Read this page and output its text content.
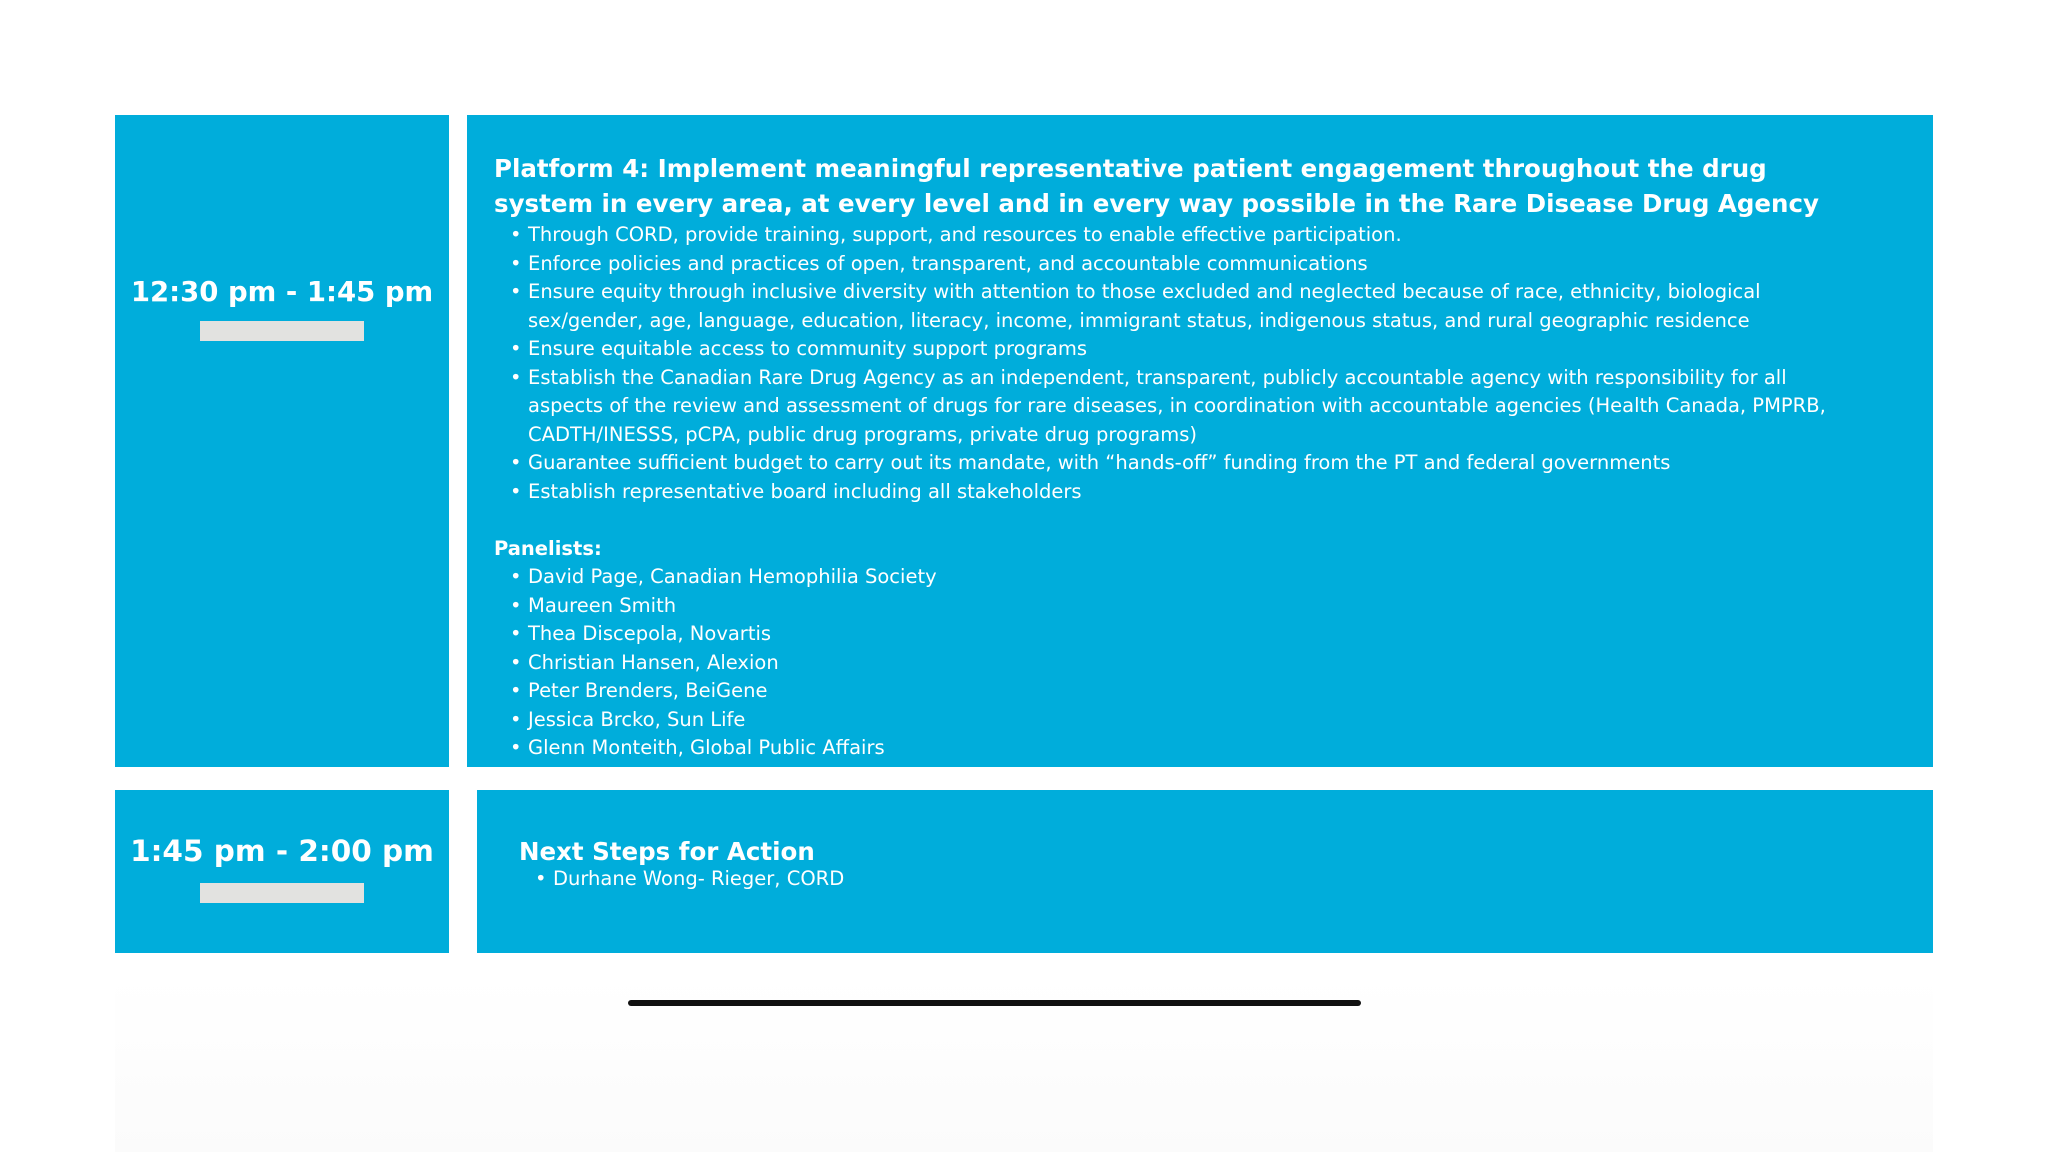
12:30 pm - 1:45 pm
Platform 4: Implement meaningful representative patient engagement throughout the drug system in every area, at every level and in every way possible in the Rare Disease Drug Agency
• Through CORD, provide training, support, and resources to enable effective participation.
• Enforce policies and practices of open, transparent, and accountable communications
• Ensure equity through inclusive diversity with attention to those excluded and neglected because of race, ethnicity, biological sex/gender, age, language, education, literacy, income, immigrant status, indigenous status, and rural geographic residence
• Ensure equitable access to community support programs
• Establish the Canadian Rare Drug Agency as an independent, transparent, publicly accountable agency with responsibility for all aspects of the review and assessment of drugs for rare diseases, in coordination with accountable agencies (Health Canada, PMPRB, CADTH/INESSS, pCPA, public drug programs, private drug programs)
• Guarantee sufficient budget to carry out its mandate, with “hands-off” funding from the PT and federal governments
• Establish representative board including all stakeholders
Panelists:
• David Page, Canadian Hemophilia Society
• Maureen Smith
• Thea Discepola, Novartis
• Christian Hansen, Alexion
• Peter Brenders, BeiGene
• Jessica Brcko, Sun Life
• Glenn Monteith, Global Public Affairs
1:45 pm - 2:00 pm	Next Steps for Action
• Durhane Wong- Rieger, CORD
